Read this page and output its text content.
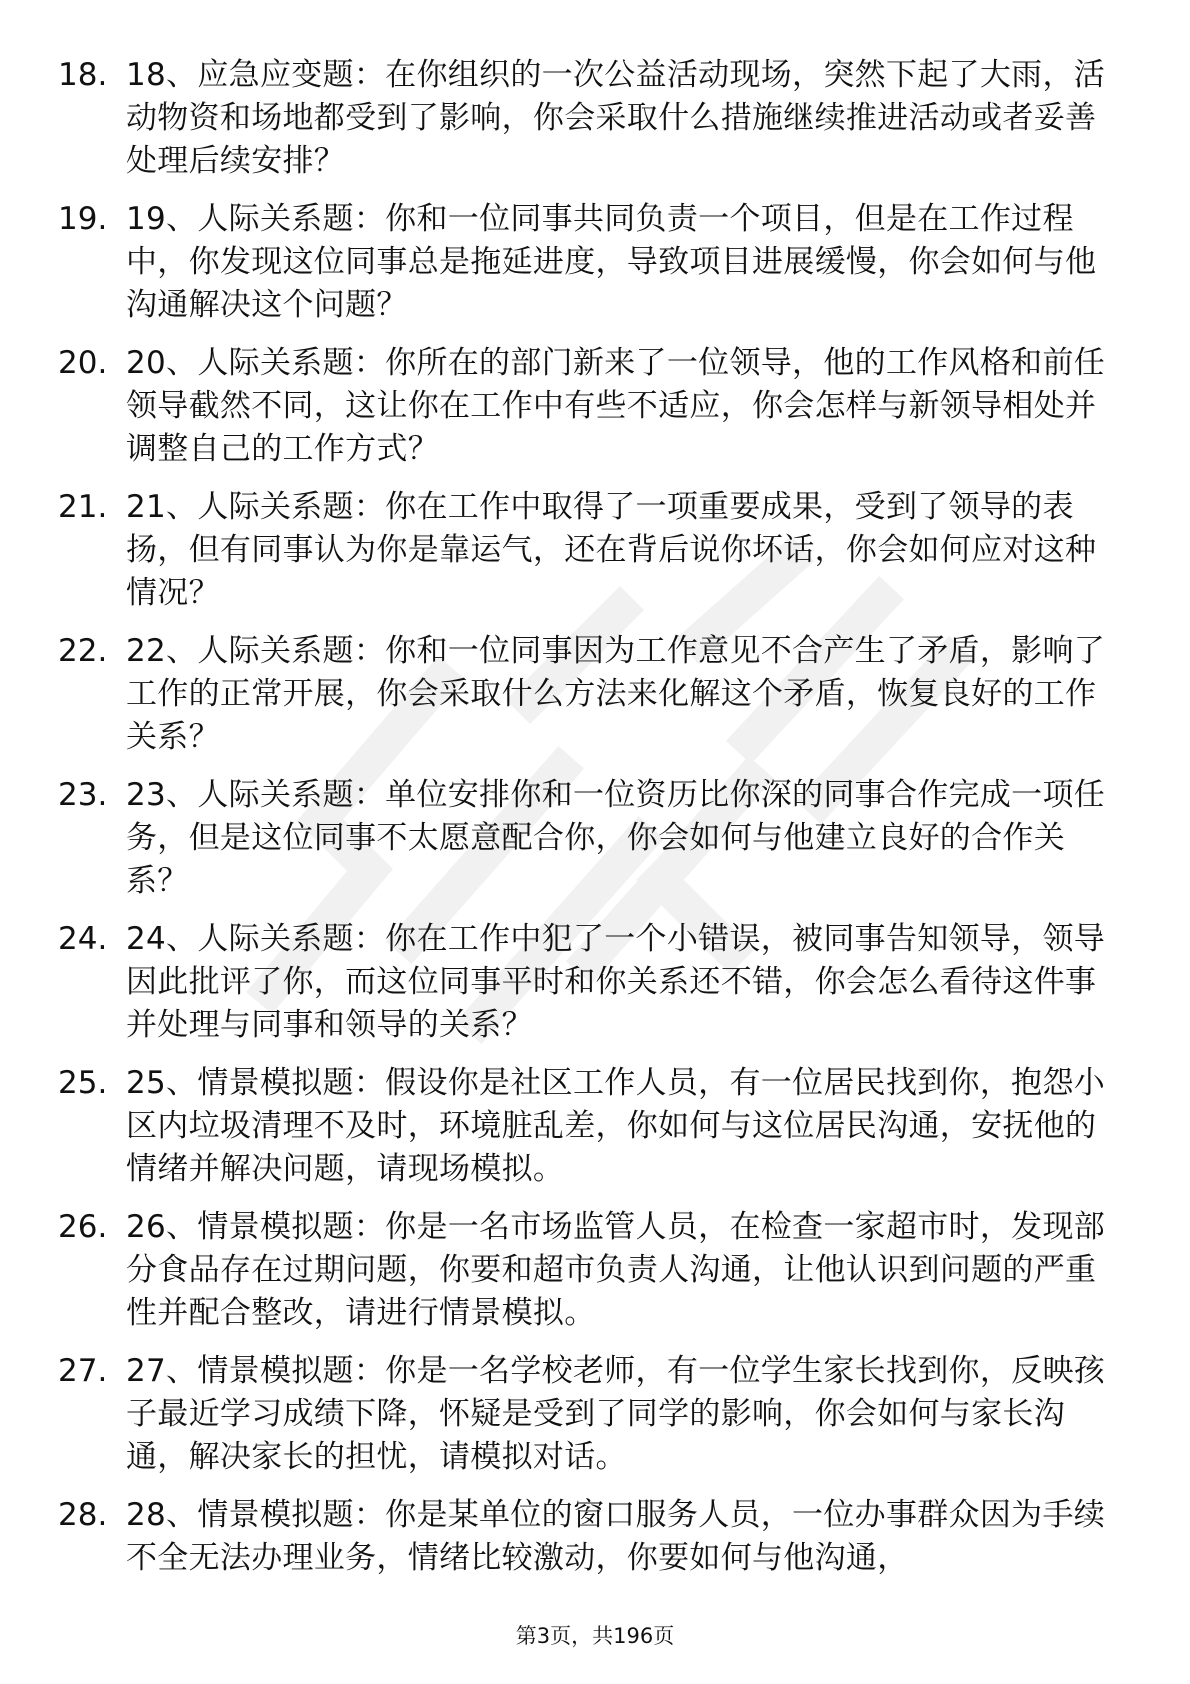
18. 18、应急应变题：在你组织的一次公益活动现场，突然下起了大雨，活动物资和场地都受到了影响，你会采取什么措施继续推进活动或者妥善处理后续安排？
19. 19、人际关系题：你和一位同事共同负责一个项目，但是在工作过程中，你发现这位同事总是拖延进度，导致项目进展缓慢，你会如何与他沟通解决这个问题？
20. 20、人际关系题：你所在的部门新来了一位领导，他的工作风格和前任领导截然不同，这让你在工作中有些不适应，你会怎样与新领导相处并调整自己的工作方式？
21. 21、人际关系题：你在工作中取得了一项重要成果，受到了领导的表扬，但有同事认为你是靠运气，还在背后说你坏话，你会如何应对这种情况？
22. 22、人际关系题：你和一位同事因为工作意见不合产生了矛盾，影响了工作的正常开展，你会采取什么方法来化解这个矛盾，恢复良好的工作关系？
23. 23、人际关系题：单位安排你和一位资历比你深的同事合作完成一项任务，但是这位同事不太愿意配合你，你会如何与他建立良好的合作关系？
24. 24、人际关系题：你在工作中犯了一个小错误，被同事告知领导，领导因此批评了你，而这位同事平时和你关系还不错，你会怎么看待这件事并处理与同事和领导的关系？
25. 25、情景模拟题：假设你是社区工作人员，有一位居民找到你，抱怨小区内垃圾清理不及时，环境脏乱差，你如何与这位居民沟通，安抚他的情绪并解决问题，请现场模拟。
26. 26、情景模拟题：你是一名市场监管人员，在检查一家超市时，发现部分食品存在过期问题，你要和超市负责人沟通，让他认识到问题的严重性并配合整改，请进行情景模拟。
27. 27、情景模拟题：你是一名学校老师，有一位学生家长找到你，反映孩子最近学习成绩下降，怀疑是受到了同学的影响，你会如何与家长沟通，解决家长的担忧，请模拟对话。
28. 28、情景模拟题：你是某单位的窗口服务人员，一位办事群众因为手续不全无法办理业务，情绪比较激动，你要如何与他沟通，
第3页，共196页
